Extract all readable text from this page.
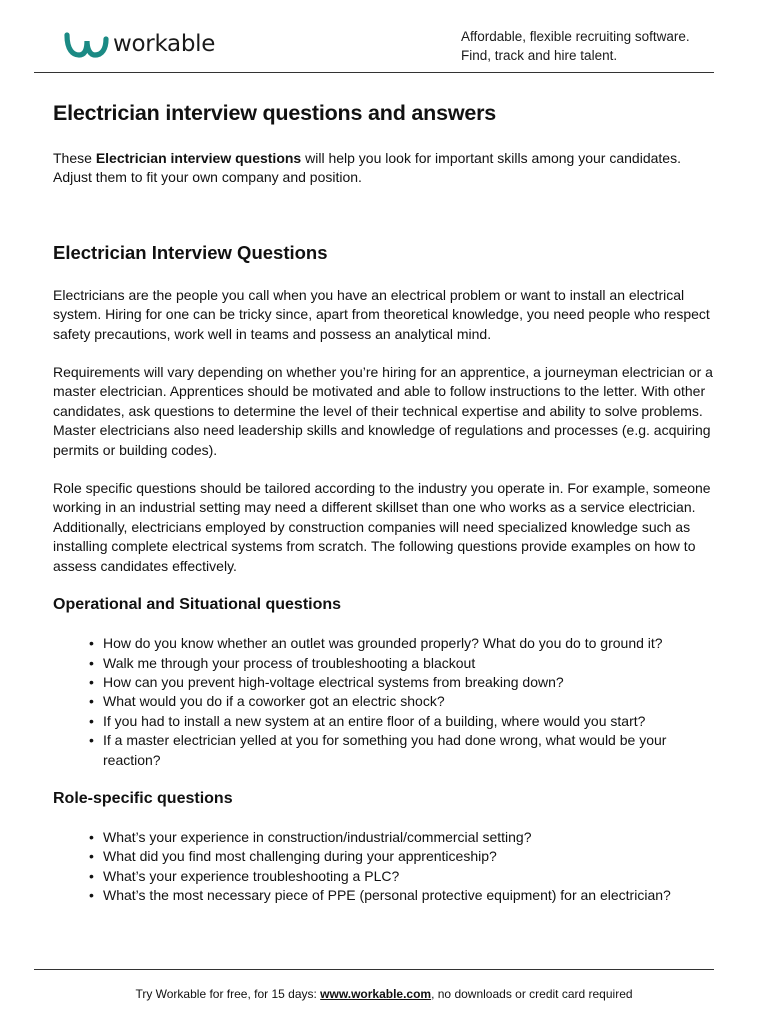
workable	Affordable, flexible recruiting software.
Find, track and hire talent.
Electrician interview questions and answers

These Electrician interview questions will help you look for important skills among your candidates. Adjust them to fit your own company and position.

Electrician Interview Questions

Electricians are the people you call when you have an electrical problem or want to install an electrical system. Hiring for one can be tricky since, apart from theoretical knowledge, you need people who respect safety precautions, work well in teams and possess an analytical mind.

Requirements will vary depending on whether you’re hiring for an apprentice, a journeyman electrician or a master electrician. Apprentices should be motivated and able to follow instructions to the letter. With other candidates, ask questions to determine the level of their technical expertise and ability to solve problems. Master electricians also need leadership skills and knowledge of regulations and processes (e.g. acquiring permits or building codes).

Role specific questions should be tailored according to the industry you operate in. For example, someone working in an industrial setting may need a different skillset than one who works as a service electrician. Additionally, electricians employed by construction companies will need specialized knowledge such as installing complete electrical systems from scratch. The following questions provide examples on how to assess candidates effectively.

Operational and Situational questions
• How do you know whether an outlet was grounded properly? What do you do to ground it?
• Walk me through your process of troubleshooting a blackout
• How can you prevent high-voltage electrical systems from breaking down?
• What would you do if a coworker got an electric shock?
• If you had to install a new system at an entire floor of a building, where would you start?
• If a master electrician yelled at you for something you had done wrong, what would be your reaction?
Role-specific questions
• What’s your experience in construction/industrial/commercial setting?
• What did you find most challenging during your apprenticeship?
• What’s your experience troubleshooting a PLC?
• What’s the most necessary piece of PPE (personal protective equipment) for an electrician?
Try Workable for free, for 15 days: www.workable.com, no downloads or credit card required
